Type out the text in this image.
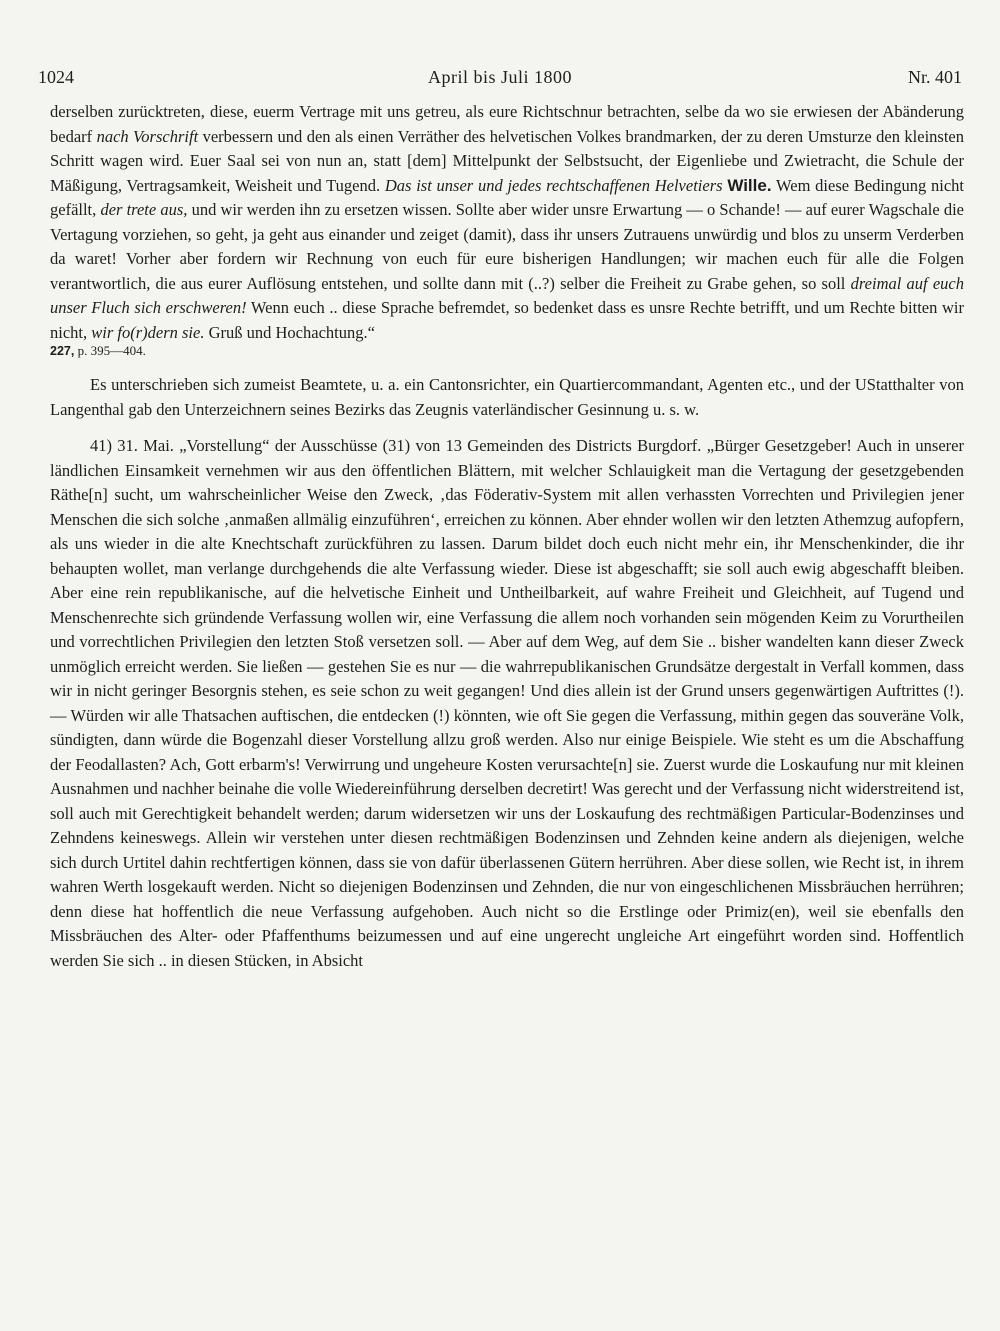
1024	April bis Juli 1800	Nr. 401

derselben zurücktreten, diese, euerm Vertrage mit uns getreu, als eure Richtschnur betrachten, selbe da wo sie erwiesen der Abänderung bedarf nach Vorschrift verbessern und den als einen Verräther des helvetischen Volkes brandmarken, der zu deren Umsturze den kleinsten Schritt wagen wird. Euer Saal sei von nun an, statt [dem] Mittelpunkt der Selbstsucht, der Eigenliebe und Zwietracht, die Schule der Mäßigung, Vertragsamkeit, Weisheit und Tugend. Das ist unser und jedes rechtschaffenen Helvetiers Wille. Wem diese Bedingung nicht gefällt, der trete aus, und wir werden ihn zu ersetzen wissen. Sollte aber wider unsre Erwartung — o Schande! — auf eurer Wagschale die Vertagung vorziehen, so geht, ja geht aus einander und zeiget (damit), dass ihr unsers Zutrauens unwürdig und blos zu unserm Verderben da waret! Vorher aber fordern wir Rechnung von euch für eure bisherigen Handlungen; wir machen euch für alle die Folgen verantwortlich, die aus eurer Auflösung entstehen, und sollte dann mit (..?) selber die Freiheit zu Grabe gehen, so soll dreimal auf euch unser Fluch sich erschweren! Wenn euch .. diese Sprache befremdet, so bedenket dass es unsre Rechte betrifft, und um Rechte bitten wir nicht, wir fo(r)dern sie. Gruß und Hochachtung.“
227, p. 395—404.

Es unterschrieben sich zumeist Beamtete, u. a. ein Cantonsrichter, ein Quartiercommandant, Agenten etc., und der UStatthalter von Langenthal gab den Unterzeichnern seines Bezirks das Zeugnis vaterländischer Gesinnung u. s. w.

41) 31. Mai. „Vorstellung“ der Ausschüsse (31) von 13 Gemeinden des Districts Burgdorf. „Bürger Gesetzgeber! Auch in unserer ländlichen Einsamkeit vernehmen wir aus den öffentlichen Blättern, mit welcher Schlauigkeit man die Vertagung der gesetzgebenden Räthe[n] sucht, um wahrscheinlicher Weise den Zweck, ‚das Föderativ-System mit allen verhassten Vorrechten und Privilegien jener Menschen die sich solche ‚anmaßen allmälig einzuführen‘, erreichen zu können. Aber ehnder wollen wir den letzten Athemzug aufopfern, als uns wieder in die alte Knechtschaft zurückführen zu lassen. Darum bildet doch euch nicht mehr ein, ihr Menschenkinder, die ihr behaupten wollet, man verlange durchgehends die alte Verfassung wieder. Diese ist abgeschafft; sie soll auch ewig abgeschafft bleiben. Aber eine rein republikanische, auf die helvetische Einheit und Untheilbarkeit, auf wahre Freiheit und Gleichheit, auf Tugend und Menschenrechte sich gründende Verfassung wollen wir, eine Verfassung die allem noch vorhanden sein mögenden Keim zu Vorurtheilen und vorrechtlichen Privilegien den letzten Stoß versetzen soll. — Aber auf dem Weg, auf dem Sie .. bisher wandelten kann dieser Zweck unmöglich erreicht werden. Sie ließen — gestehen Sie es nur — die wahrrepublikanischen Grundsätze dergestalt in Verfall kommen, dass wir in nicht geringer Besorgnis stehen, es seie schon zu weit gegangen! Und dies allein ist der Grund unsers gegenwärtigen Auftrittes (!). — Würden wir alle Thatsachen auftischen, die entdecken (!) könnten, wie oft Sie gegen die Verfassung, mithin gegen das souveräne Volk, sündigten, dann würde die Bogenzahl dieser Vorstellung allzu groß werden. Also nur einige Beispiele. Wie steht es um die Abschaffung der Feodallasten? Ach, Gott erbarm's! Verwirrung und ungeheure Kosten verursachte[n] sie. Zuerst wurde die Loskaufung nur mit kleinen Ausnahmen und nachher beinahe die volle Wiedereinführung derselben decretirt! Was gerecht und der Verfassung nicht widerstreitend ist, soll auch mit Gerechtigkeit behandelt werden; darum widersetzen wir uns der Loskaufung des rechtmäßigen Particular-Bodenzinses und Zehndens keineswegs. Allein wir verstehen unter diesen rechtmäßigen Bodenzinsen und Zehnden keine andern als diejenigen, welche sich durch Urtitel dahin rechtfertigen können, dass sie von dafür überlassenen Gütern herrühren. Aber diese sollen, wie Recht ist, in ihrem wahren Werth losgekauft werden. Nicht so diejenigen Bodenzinsen und Zehnden, die nur von eingeschlichenen Missbräuchen herrühren; denn diese hat hoffentlich die neue Verfassung aufgehoben. Auch nicht so die Erstlinge oder Primiz(en), weil sie ebenfalls den Missbräuchen des Alter- oder Pfaffenthums beizumessen und auf eine ungerecht ungleiche Art eingeführt worden sind. Hoffentlich werden Sie sich .. in diesen Stücken, in Absicht
